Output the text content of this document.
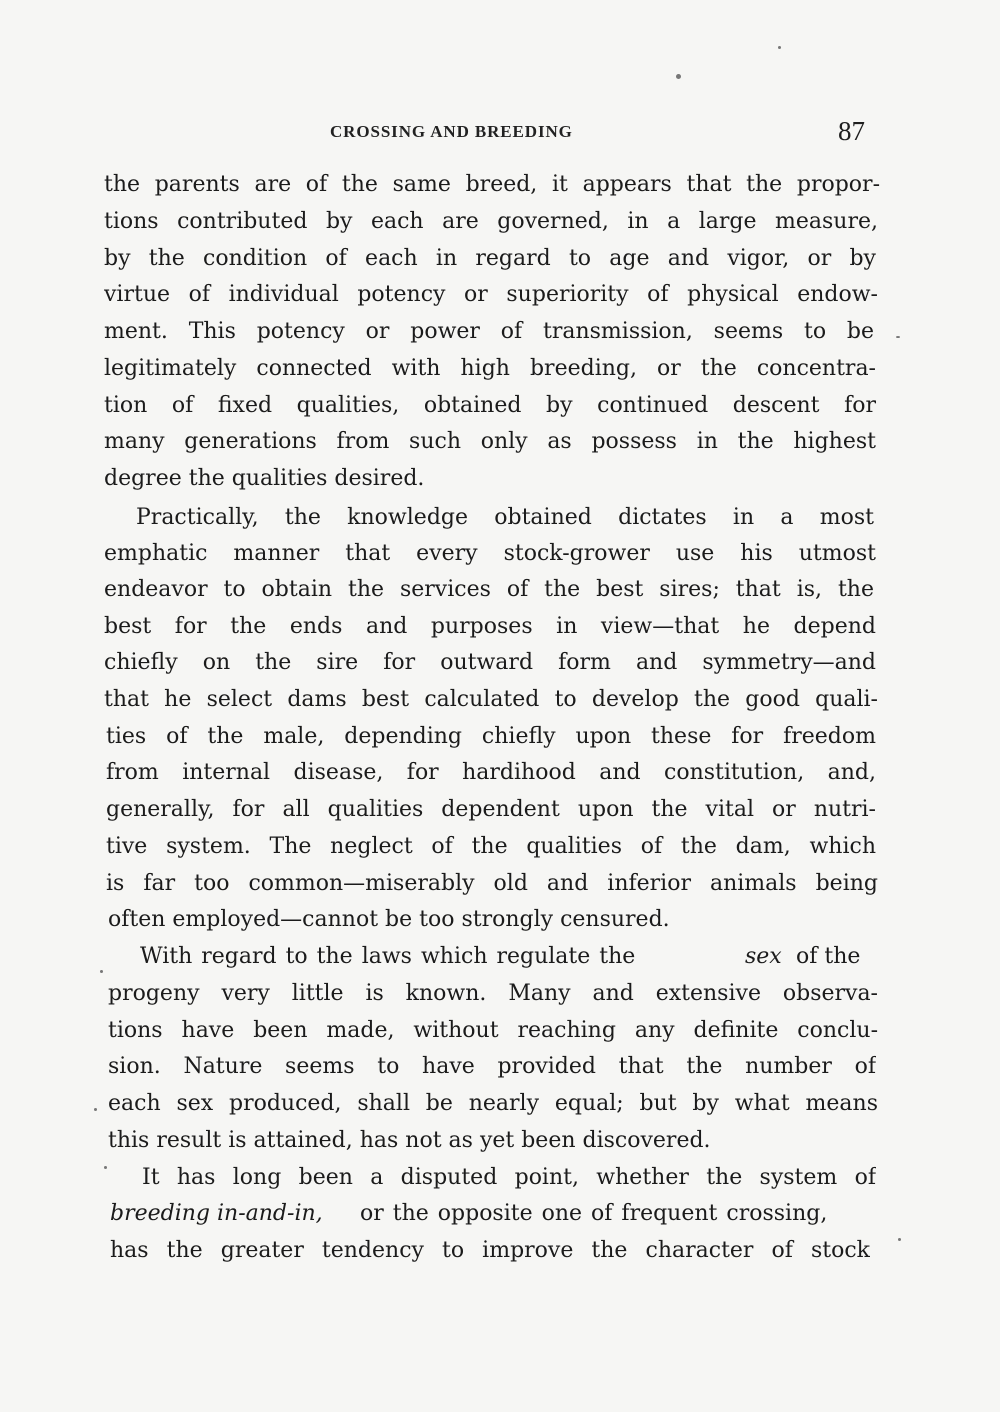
CROSSING AND BREEDING	87
the parents are of the same breed, it appears that the propor-
tions contributed by each are governed, in a large measure,
by the condition of each in regard to age and vigor, or by
virtue of individual potency or superiority of physical endow-
ment. This potency or power of transmission, seems to be
legitimately connected with high breeding, or the concentra-
tion of fixed qualities, obtained by continued descent for
many generations from such only as possess in the highest
degree the qualities desired.
Practically, the knowledge obtained dictates in a most
emphatic manner that every stock-grower use his utmost
endeavor to obtain the services of the best sires; that is, the
best for the ends and purposes in view—that he depend
chiefly on the sire for outward form and symmetry—and
that he select dams best calculated to develop the good quali-
ties of the male, depending chiefly upon these for freedom
from internal disease, for hardihood and constitution, and,
generally, for all qualities dependent upon the vital or nutri-
tive system. The neglect of the qualities of the dam, which
is far too common—miserably old and inferior animals being
often employed—cannot be too strongly censured.
With regard to the laws which regulate the	sex of the
progeny very little is known. Many and extensive observa-
tions have been made, without reaching any definite conclu-
sion. Nature seems to have provided that the number of
each sex produced, shall be nearly equal; but by what means
this result is attained, has not as yet been discovered.
It has long been a disputed point, whether the system of
breeding in-and-in, or the opposite one of frequent crossing,
has the greater tendency to improve the character of stock
